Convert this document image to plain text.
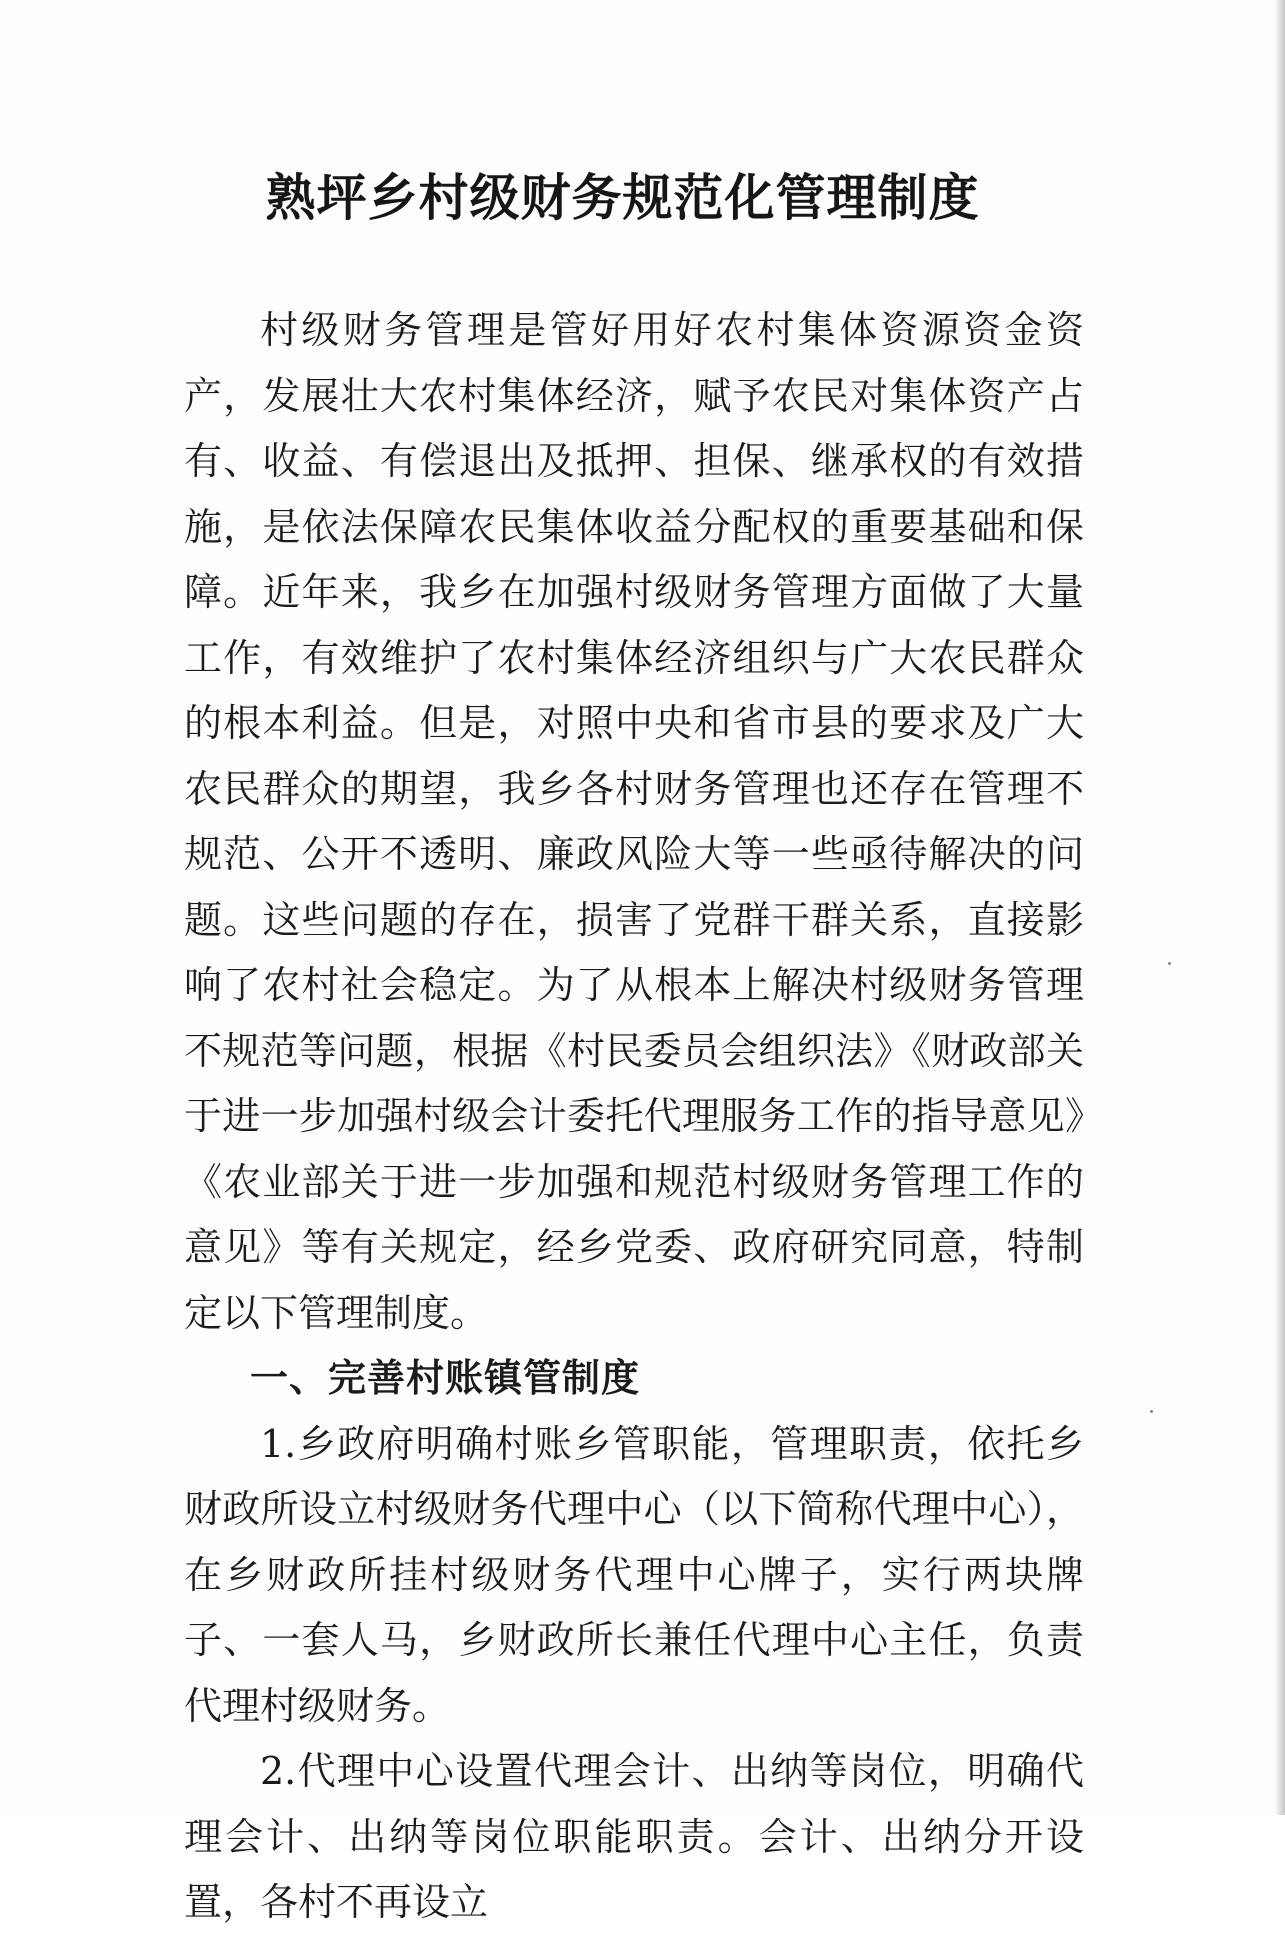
熟坪乡村级财务规范化管理制度

村级财务管理是管好用好农村集体资源资金资产，发展壮大农村集体经济，赋予农民对集体资产占有、收益、有偿退出及抵押、担保、继承权的有效措施，是依法保障农民集体收益分配权的重要基础和保障。近年来，我乡在加强村级财务管理方面做了大量工作，有效维护了农村集体经济组织与广大农民群众的根本利益。但是，对照中央和省市县的要求及广大农民群众的期望，我乡各村财务管理也还存在管理不规范、公开不透明、廉政风险大等一些亟待解决的问题。这些问题的存在，损害了党群干群关系，直接影响了农村社会稳定。为了从根本上解决村级财务管理不规范等问题，根据《村民委员会组织法》《财政部关于进一步加强村级会计委托代理服务工作的指导意见》《农业部关于进一步加强和规范村级财务管理工作的意见》等有关规定，经乡党委、政府研究同意，特制定以下管理制度。

一、完善村账镇管制度

1.乡政府明确村账乡管职能，管理职责，依托乡财政所设立村级财务代理中心（以下简称代理中心），在乡财政所挂村级财务代理中心牌子，实行两块牌子、一套人马，乡财政所长兼任代理中心主任，负责代理村级财务。

2.代理中心设置代理会计、出纳等岗位，明确代理会计、出纳等岗位职能职责。会计、出纳分开设置，各村不再设立
